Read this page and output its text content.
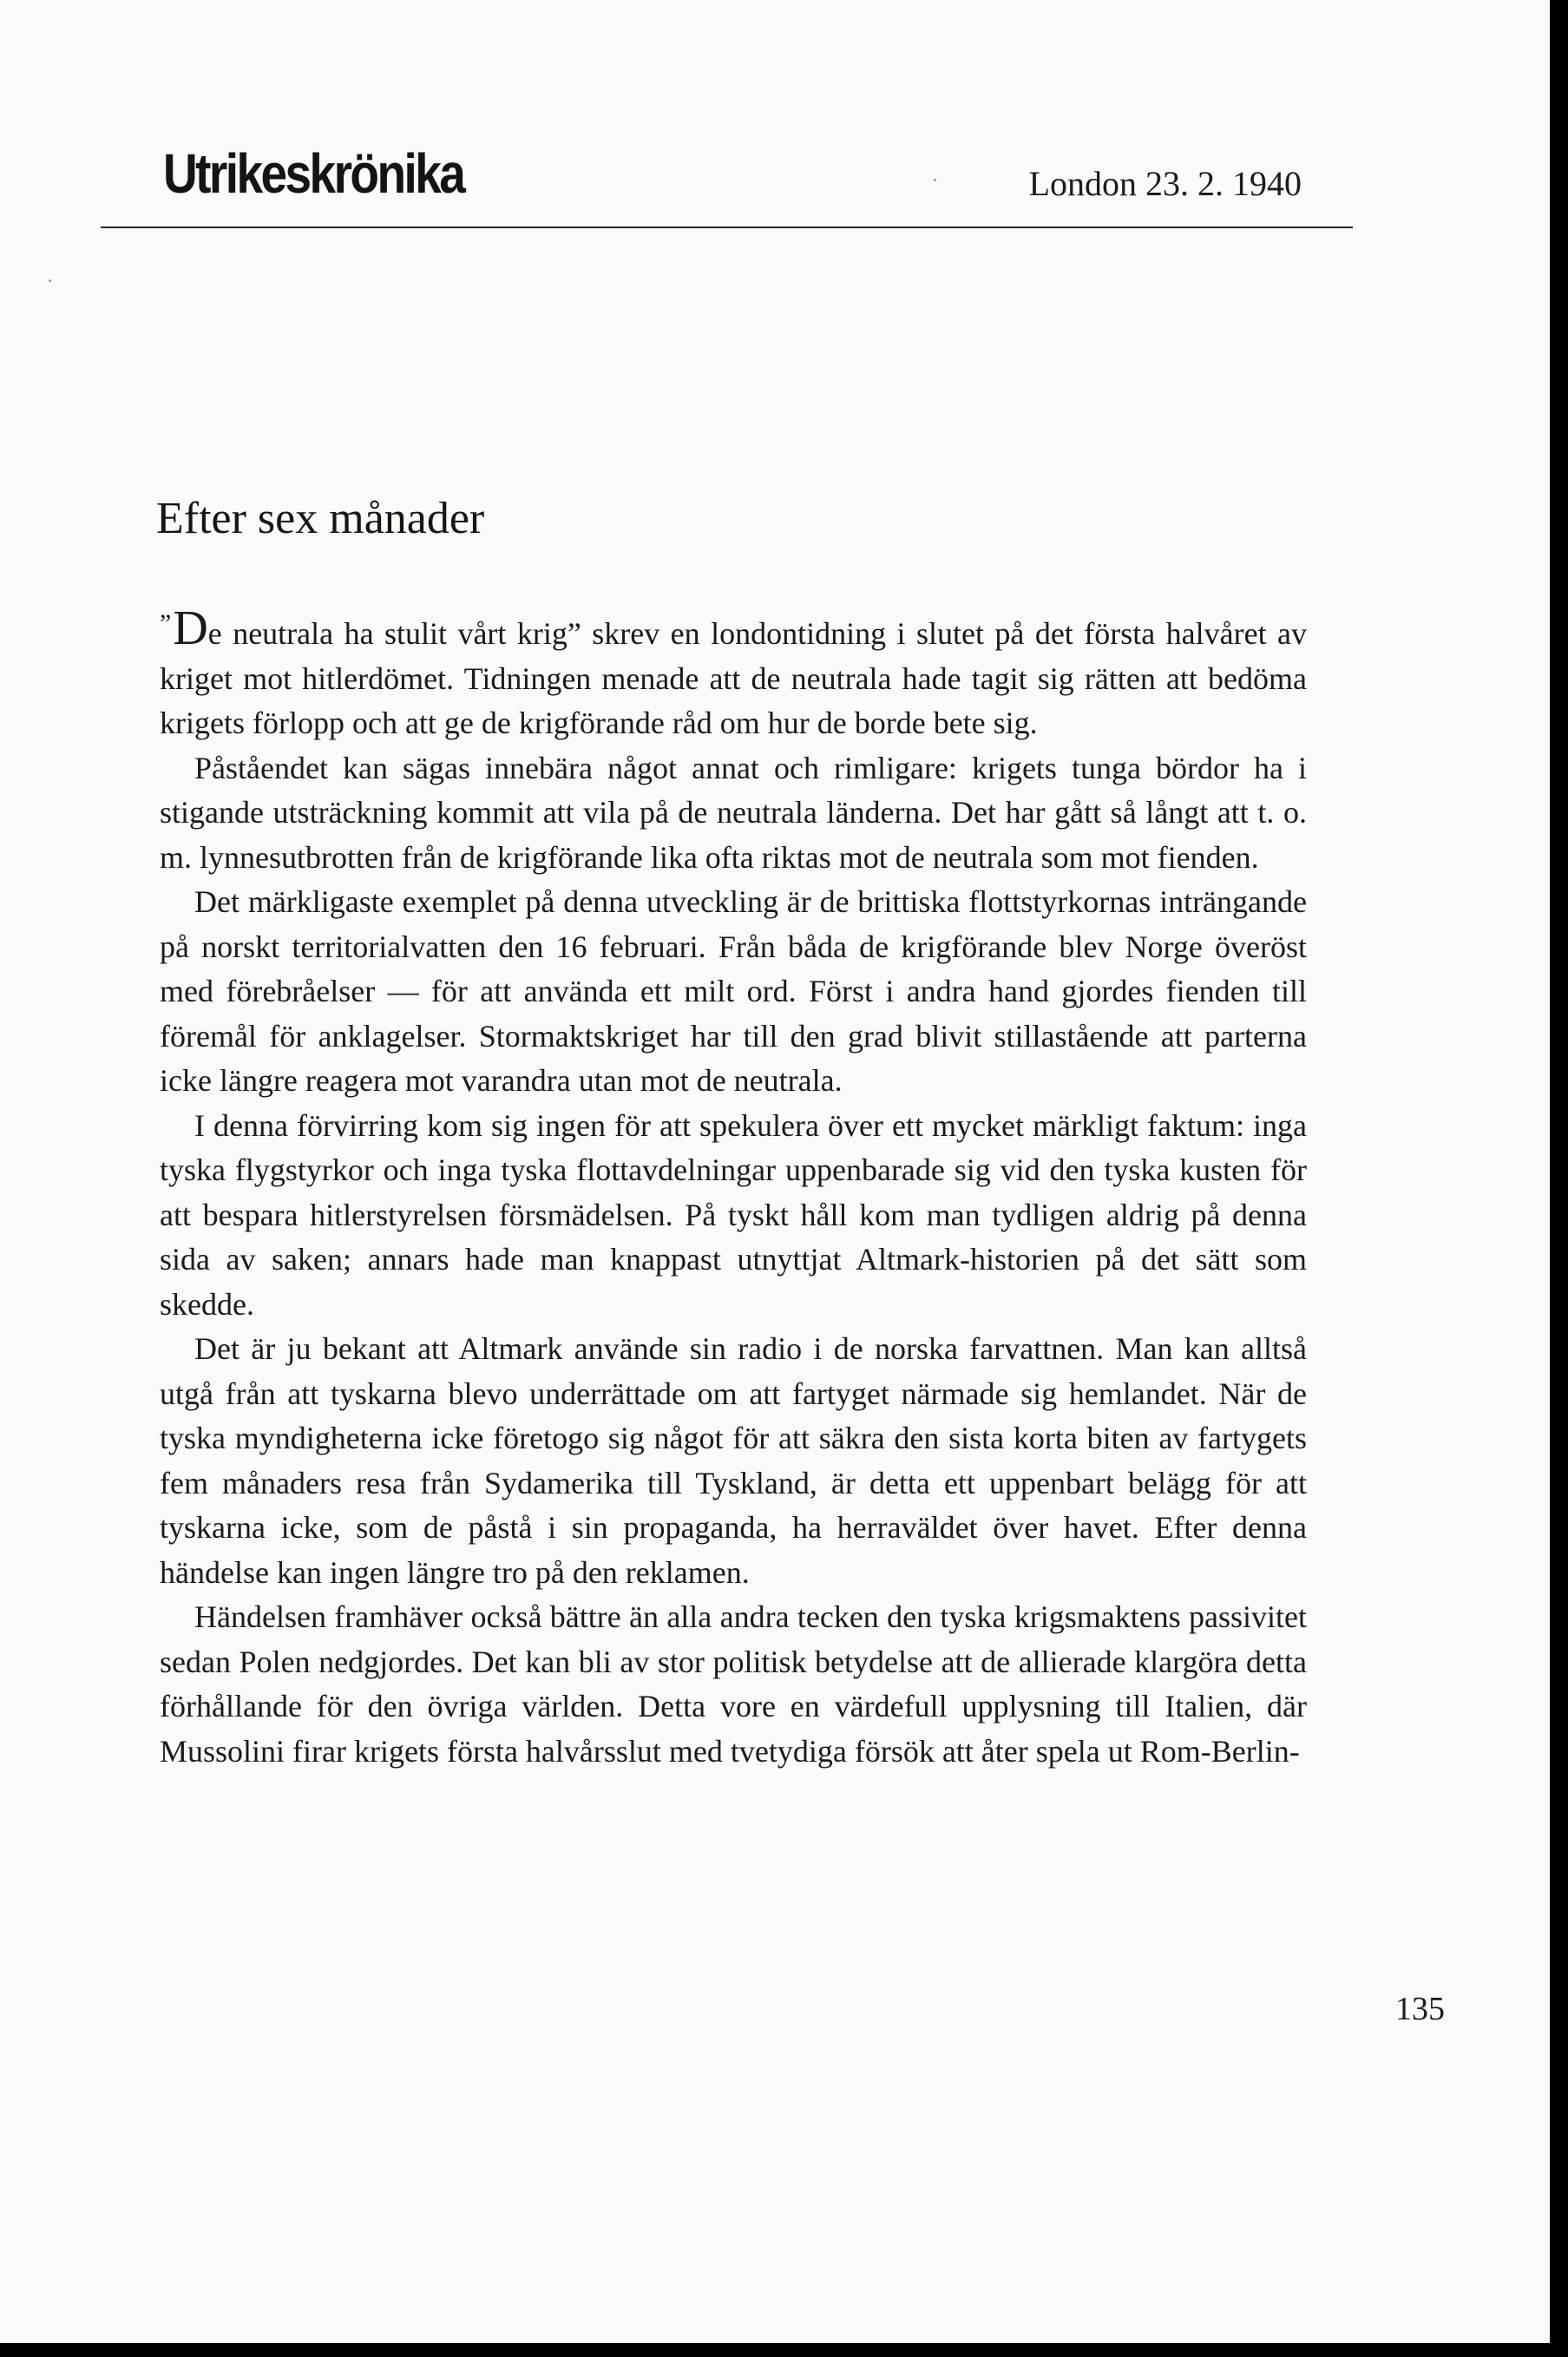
Utrikeskrönika	London 23. 2. 1940
Efter sex månader

”De neutrala ha stulit vårt krig” skrev en londontidning i slutet på det första halvåret av kriget mot hitlerdömet. Tidningen menade att de neutrala hade tagit sig rätten att bedöma krigets förlopp och att ge de krigförande råd om hur de borde bete sig.

Påståendet kan sägas innebära något annat och rimligare: krigets tunga bördor ha i stigande utsträckning kommit att vila på de neutrala länderna. Det har gått så långt att t. o. m. lynnesutbrotten från de krigförande lika ofta riktas mot de neutrala som mot fienden.

Det märkligaste exemplet på denna utveckling är de brittiska flottstyrkornas inträngande på norskt territorialvatten den 16 februari. Från båda de krigförande blev Norge överöst med förebråelser — för att använda ett milt ord. Först i andra hand gjordes fienden till föremål för anklagelser. Stormaktskriget har till den grad blivit stillastående att parterna icke längre reagera mot varandra utan mot de neutrala.

I denna förvirring kom sig ingen för att spekulera över ett mycket märkligt faktum: inga tyska flygstyrkor och inga tyska flottavdelningar uppenbarade sig vid den tyska kusten för att bespara hitlerstyrelsen försmädelsen. På tyskt håll kom man tydligen aldrig på denna sida av saken; annars hade man knappast utnyttjat Altmark-historien på det sätt som skedde.

Det är ju bekant att Altmark använde sin radio i de norska farvattnen. Man kan alltså utgå från att tyskarna blevo underrättade om att fartyget närmade sig hemlandet. När de tyska myndigheterna icke företogo sig något för att säkra den sista korta biten av fartygets fem månaders resa från Sydamerika till Tyskland, är detta ett uppenbart belägg för att tyskarna icke, som de påstå i sin propaganda, ha herraväldet över havet. Efter denna händelse kan ingen längre tro på den reklamen.

Händelsen framhäver också bättre än alla andra tecken den tyska krigsmaktens passivitet sedan Polen nedgjordes. Det kan bli av stor politisk betydelse att de allierade klargöra detta förhållande för den övriga världen. Detta vore en värdefull upplysning till Italien, där Mussolini firar krigets första halvårsslut med tvetydiga försök att åter spela ut Rom-Berlin-

135
